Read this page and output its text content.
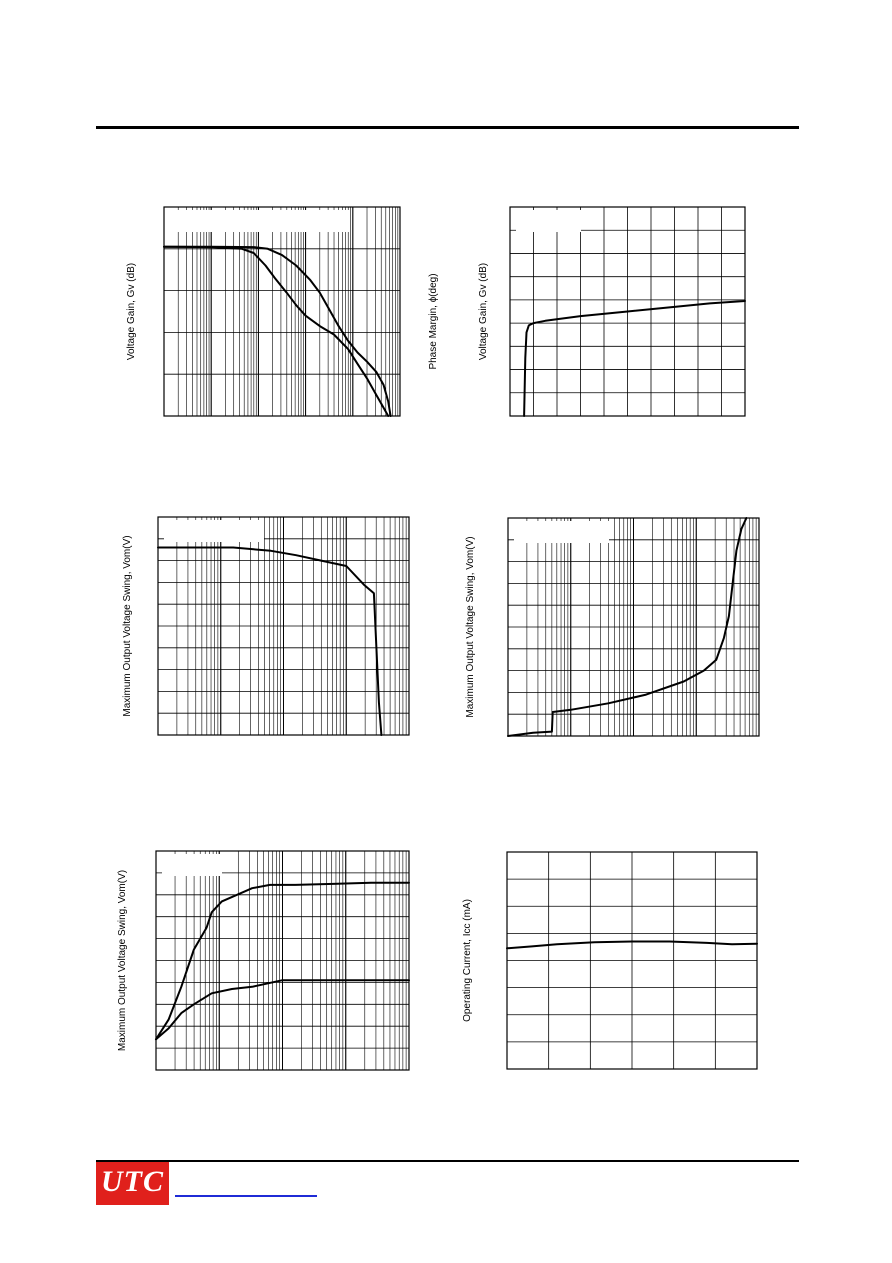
Voltage Gain, Gv (dB)	Voltage Gain, Gv (dB)
Phase Margin, ɸ(deg)
Maximum Output Voltage Swing, Vom(V)	Maximum Output Voltage Swing, Vom(V)
Maximum Output Voltage Swing, Vom(V)	Operating Current, Icc (mA)
UTC
